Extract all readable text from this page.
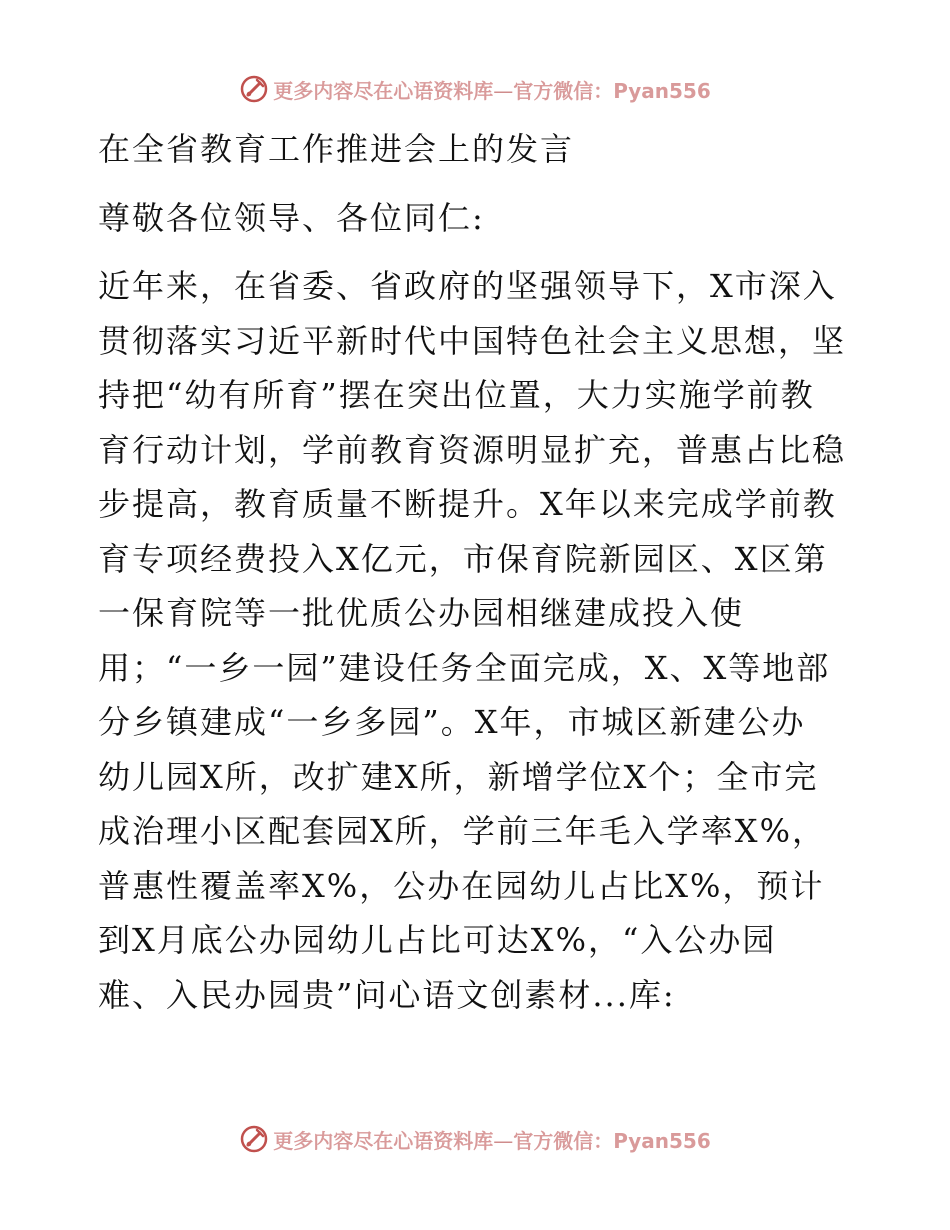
更多内容尽在心语资料库—官方微信：Pyan556
在全省教育工作推进会上的发言
尊敬各位领导、各位同仁:
近年来，在省委、省政府的坚强领导下，X市深入
贯彻落实习近平新时代中国特色社会主义思想，坚
持把“幼有所育”摆在突出位置，大力实施学前教
育行动计划，学前教育资源明显扩充，普惠占比稳
步提高，教育质量不断提升。X年以来完成学前教
育专项经费投入X亿元，市保育院新园区、X区第
一保育院等一批优质公办园相继建成投入使
用；“一乡一园”建设任务全面完成，X、X等地部
分乡镇建成“一乡多园”。X年，市城区新建公办
幼儿园X所，改扩建X所，新增学位X个；全市完
成治理小区配套园X所，学前三年毛入学率X%，
普惠性覆盖率X%，公办在园幼儿占比X%，预计
到X月底公办园幼儿占比可达X%，“入公办园
难、入民办园贵”问心语文创素材...库:
更多内容尽在心语资料库—官方微信：Pyan556
